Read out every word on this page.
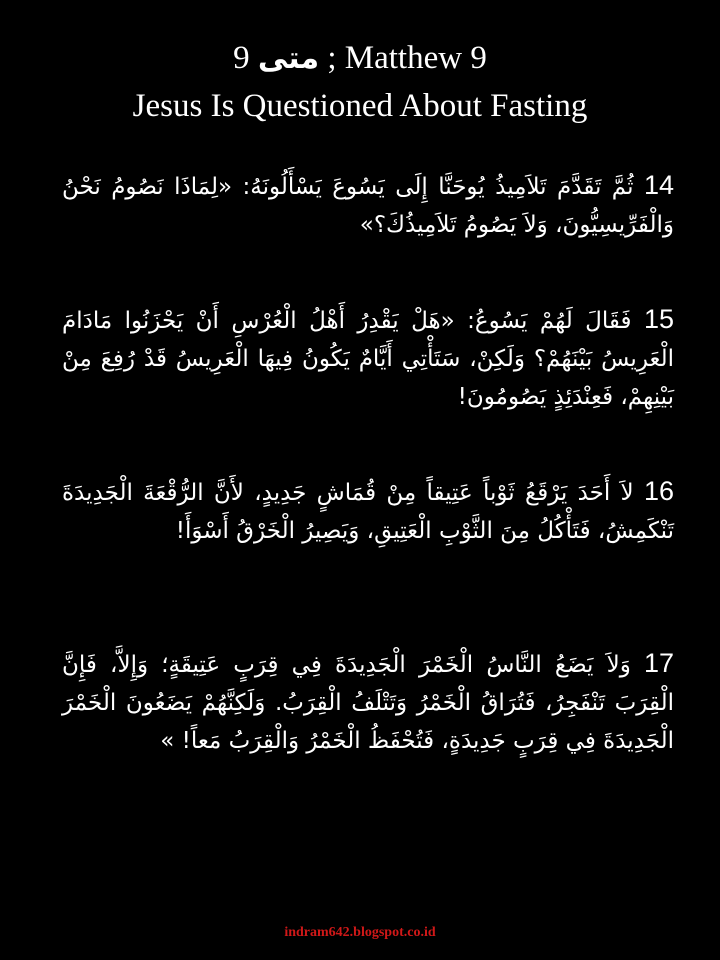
متى 9 ; Matthew 9
Jesus Is Questioned About Fasting
14 ثُمَّ تَقَدَّمَ تَلاَمِيذُ يُوحَنَّا إِلَى يَسُوعَ يَسْأَلُونَهُ: «لِمَاذَا نَصُومُ نَحْنُ وَالْفَرِّيسِيُّونَ، وَلاَ يَصُومُ تَلاَمِيذُكَ؟»
15 فَقَالَ لَهُمْ يَسُوعُ: «هَلْ يَقْدِرُ أَهْلُ الْعُرْسِ أَنْ يَحْزَنُوا مَادَامَ الْعَرِيسُ بَيْنَهُمْ؟ وَلَكِنْ، سَتَأْتِي أَيَّامٌ يَكُونُ فِيهَا الْعَرِيسُ قَدْ رُفِعَ مِنْ بَيْنِهِمْ، فَعِنْدَئِذٍ يَصُومُونَ!
16 لاَ أَحَدَ يَرْقَعُ ثَوْباً عَتِيقاً مِنْ قُمَاشٍ جَدِيدٍ، لأَنَّ الرُّقْعَةَ الْجَدِيدَةَ تَنْكَمِشُ، فَتَأْكُلُ مِنَ الثَّوْبِ الْعَتِيقِ، وَيَصِيرُ الْخَرْقُ أَسْوَأَ!
17 وَلاَ يَضَعُ النَّاسُ الْخَمْرَ الْجَدِيدَةَ فِي قِرَبٍ عَتِيقَةٍ؛ وَإِلاَّ، فَإِنَّ الْقِرَبَ تَنْفَجِرُ، فَتُرَاقُ الْخَمْرُ وَتَتْلَفُ الْقِرَبُ. وَلَكِنَّهُمْ يَضَعُونَ الْخَمْرَ الْجَدِيدَةَ فِي قِرَبٍ جَدِيدَةٍ، فَتُحْفَظُ الْخَمْرُ وَالْقِرَبُ مَعاً! »
indram642.blogspot.co.id
